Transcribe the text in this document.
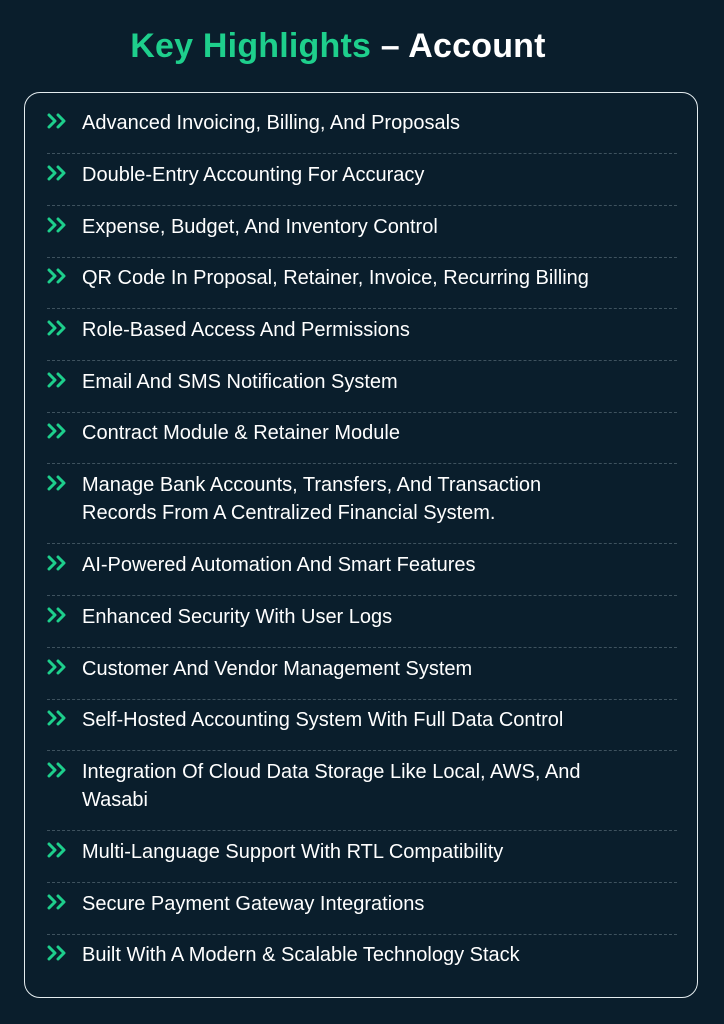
Key Highlights – Account
Advanced Invoicing, Billing, And Proposals
Double-Entry Accounting For Accuracy
Expense, Budget, And Inventory Control
QR Code In Proposal, Retainer, Invoice, Recurring Billing
Role-Based Access And Permissions
Email And SMS Notification System
Contract Module & Retainer Module
Manage Bank Accounts, Transfers, And Transaction
Records From A Centralized Financial System.
AI-Powered Automation And Smart Features
Enhanced Security With User Logs
Customer And Vendor Management System
Self-Hosted Accounting System With Full Data Control
Integration Of Cloud Data Storage Like Local, AWS, And
Wasabi
Multi-Language Support With RTL Compatibility
Secure Payment Gateway Integrations
Built With A Modern & Scalable Technology Stack
